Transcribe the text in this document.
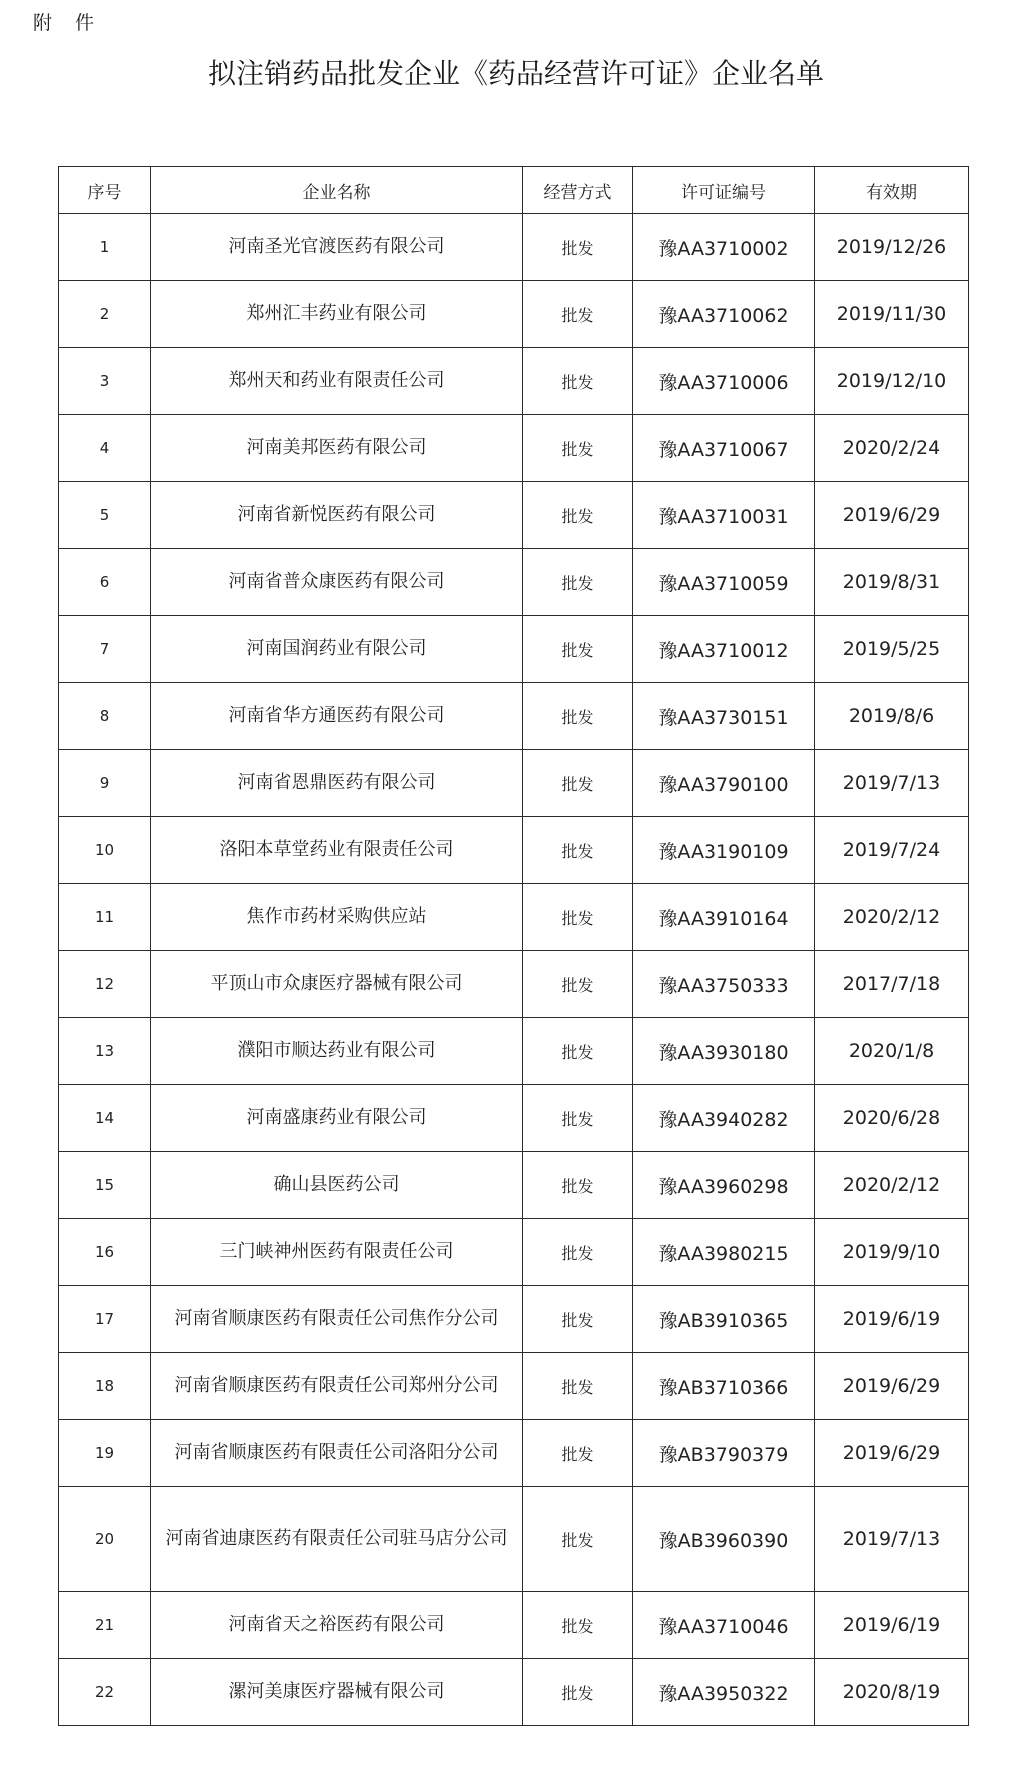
附　件
拟注销药品批发企业《药品经营许可证》企业名单
序号	企业名称	经营方式	许可证编号	有效期
1	河南圣光官渡医药有限公司	批发	豫AA3710002	2019/12/26
2	郑州汇丰药业有限公司	批发	豫AA3710062	2019/11/30
3	郑州天和药业有限责任公司	批发	豫AA3710006	2019/12/10
4	河南美邦医药有限公司	批发	豫AA3710067	2020/2/24
5	河南省新悦医药有限公司	批发	豫AA3710031	2019/6/29
6	河南省普众康医药有限公司	批发	豫AA3710059	2019/8/31
7	河南国润药业有限公司	批发	豫AA3710012	2019/5/25
8	河南省华方通医药有限公司	批发	豫AA3730151	2019/8/6
9	河南省恩鼎医药有限公司	批发	豫AA3790100	2019/7/13
10	洛阳本草堂药业有限责任公司	批发	豫AA3190109	2019/7/24
11	焦作市药材采购供应站	批发	豫AA3910164	2020/2/12
12	平顶山市众康医疗器械有限公司	批发	豫AA3750333	2017/7/18
13	濮阳市顺达药业有限公司	批发	豫AA3930180	2020/1/8
14	河南盛康药业有限公司	批发	豫AA3940282	2020/6/28
15	确山县医药公司	批发	豫AA3960298	2020/2/12
16	三门峡神州医药有限责任公司	批发	豫AA3980215	2019/9/10
17	河南省顺康医药有限责任公司焦作分公司	批发	豫AB3910365	2019/6/19
18	河南省顺康医药有限责任公司郑州分公司	批发	豫AB3710366	2019/6/29
19	河南省顺康医药有限责任公司洛阳分公司	批发	豫AB3790379	2019/6/29
20	河南省迪康医药有限责任公司驻马店分公司	批发	豫AB3960390	2019/7/13
21	河南省天之裕医药有限公司	批发	豫AA3710046	2019/6/19
22	漯河美康医疗器械有限公司	批发	豫AA3950322	2020/8/19
